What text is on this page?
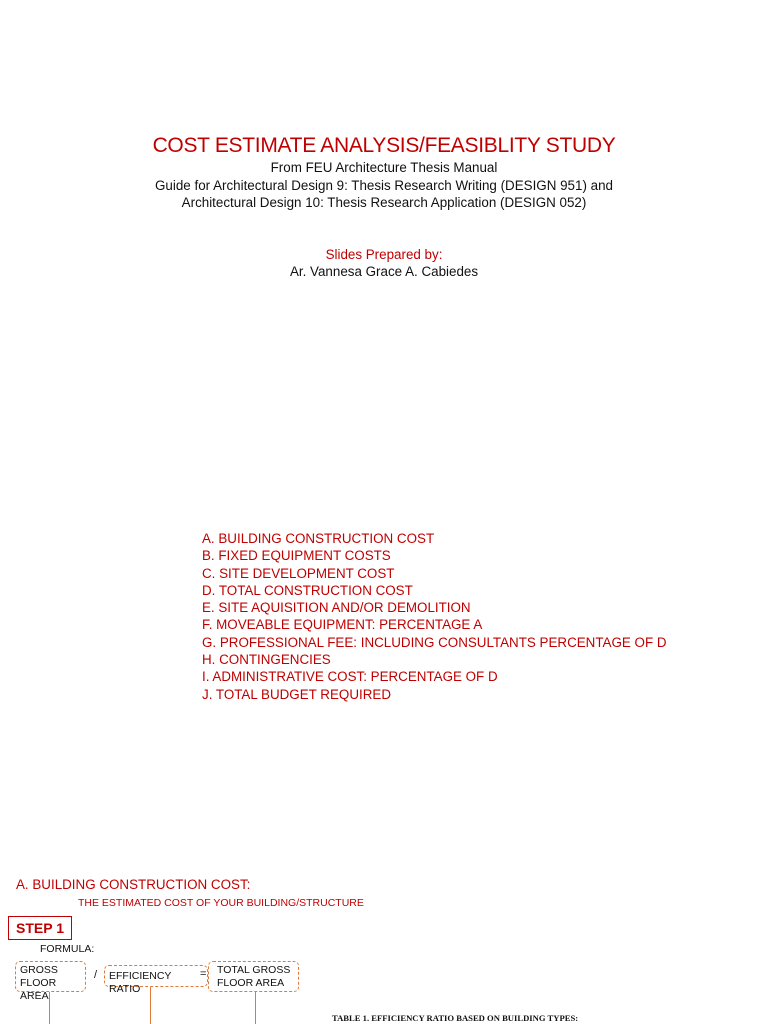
COST ESTIMATE ANALYSIS/FEASIBLITY STUDY
From FEU Architecture Thesis Manual
Guide for Architectural Design 9: Thesis Research Writing (DESIGN 951) and
Architectural Design 10: Thesis Research Application (DESIGN 052)
Slides Prepared by:
Ar. Vannesa Grace A. Cabiedes
A. BUILDING CONSTRUCTION COST
B. FIXED EQUIPMENT COSTS
C. SITE DEVELOPMENT COST
D. TOTAL CONSTRUCTION COST
E. SITE AQUISITION AND/OR DEMOLITION
F. MOVEABLE EQUIPMENT: PERCENTAGE A
G. PROFESSIONAL FEE: INCLUDING CONSULTANTS PERCENTAGE OF D
H. CONTINGENCIES
I. ADMINISTRATIVE COST: PERCENTAGE OF D
J. TOTAL BUDGET REQUIRED
A. BUILDING CONSTRUCTION COST:
THE ESTIMATED COST OF YOUR BUILDING/STRUCTURE
STEP 1
FORMULA:
GROSS
FLOOR AREA
/	EFFICIENCY RATIO
= TOTAL GROSS
FLOOR AREA
TABLE 1. EFFICIENCY RATIO BASED ON BUILDING TYPES:
